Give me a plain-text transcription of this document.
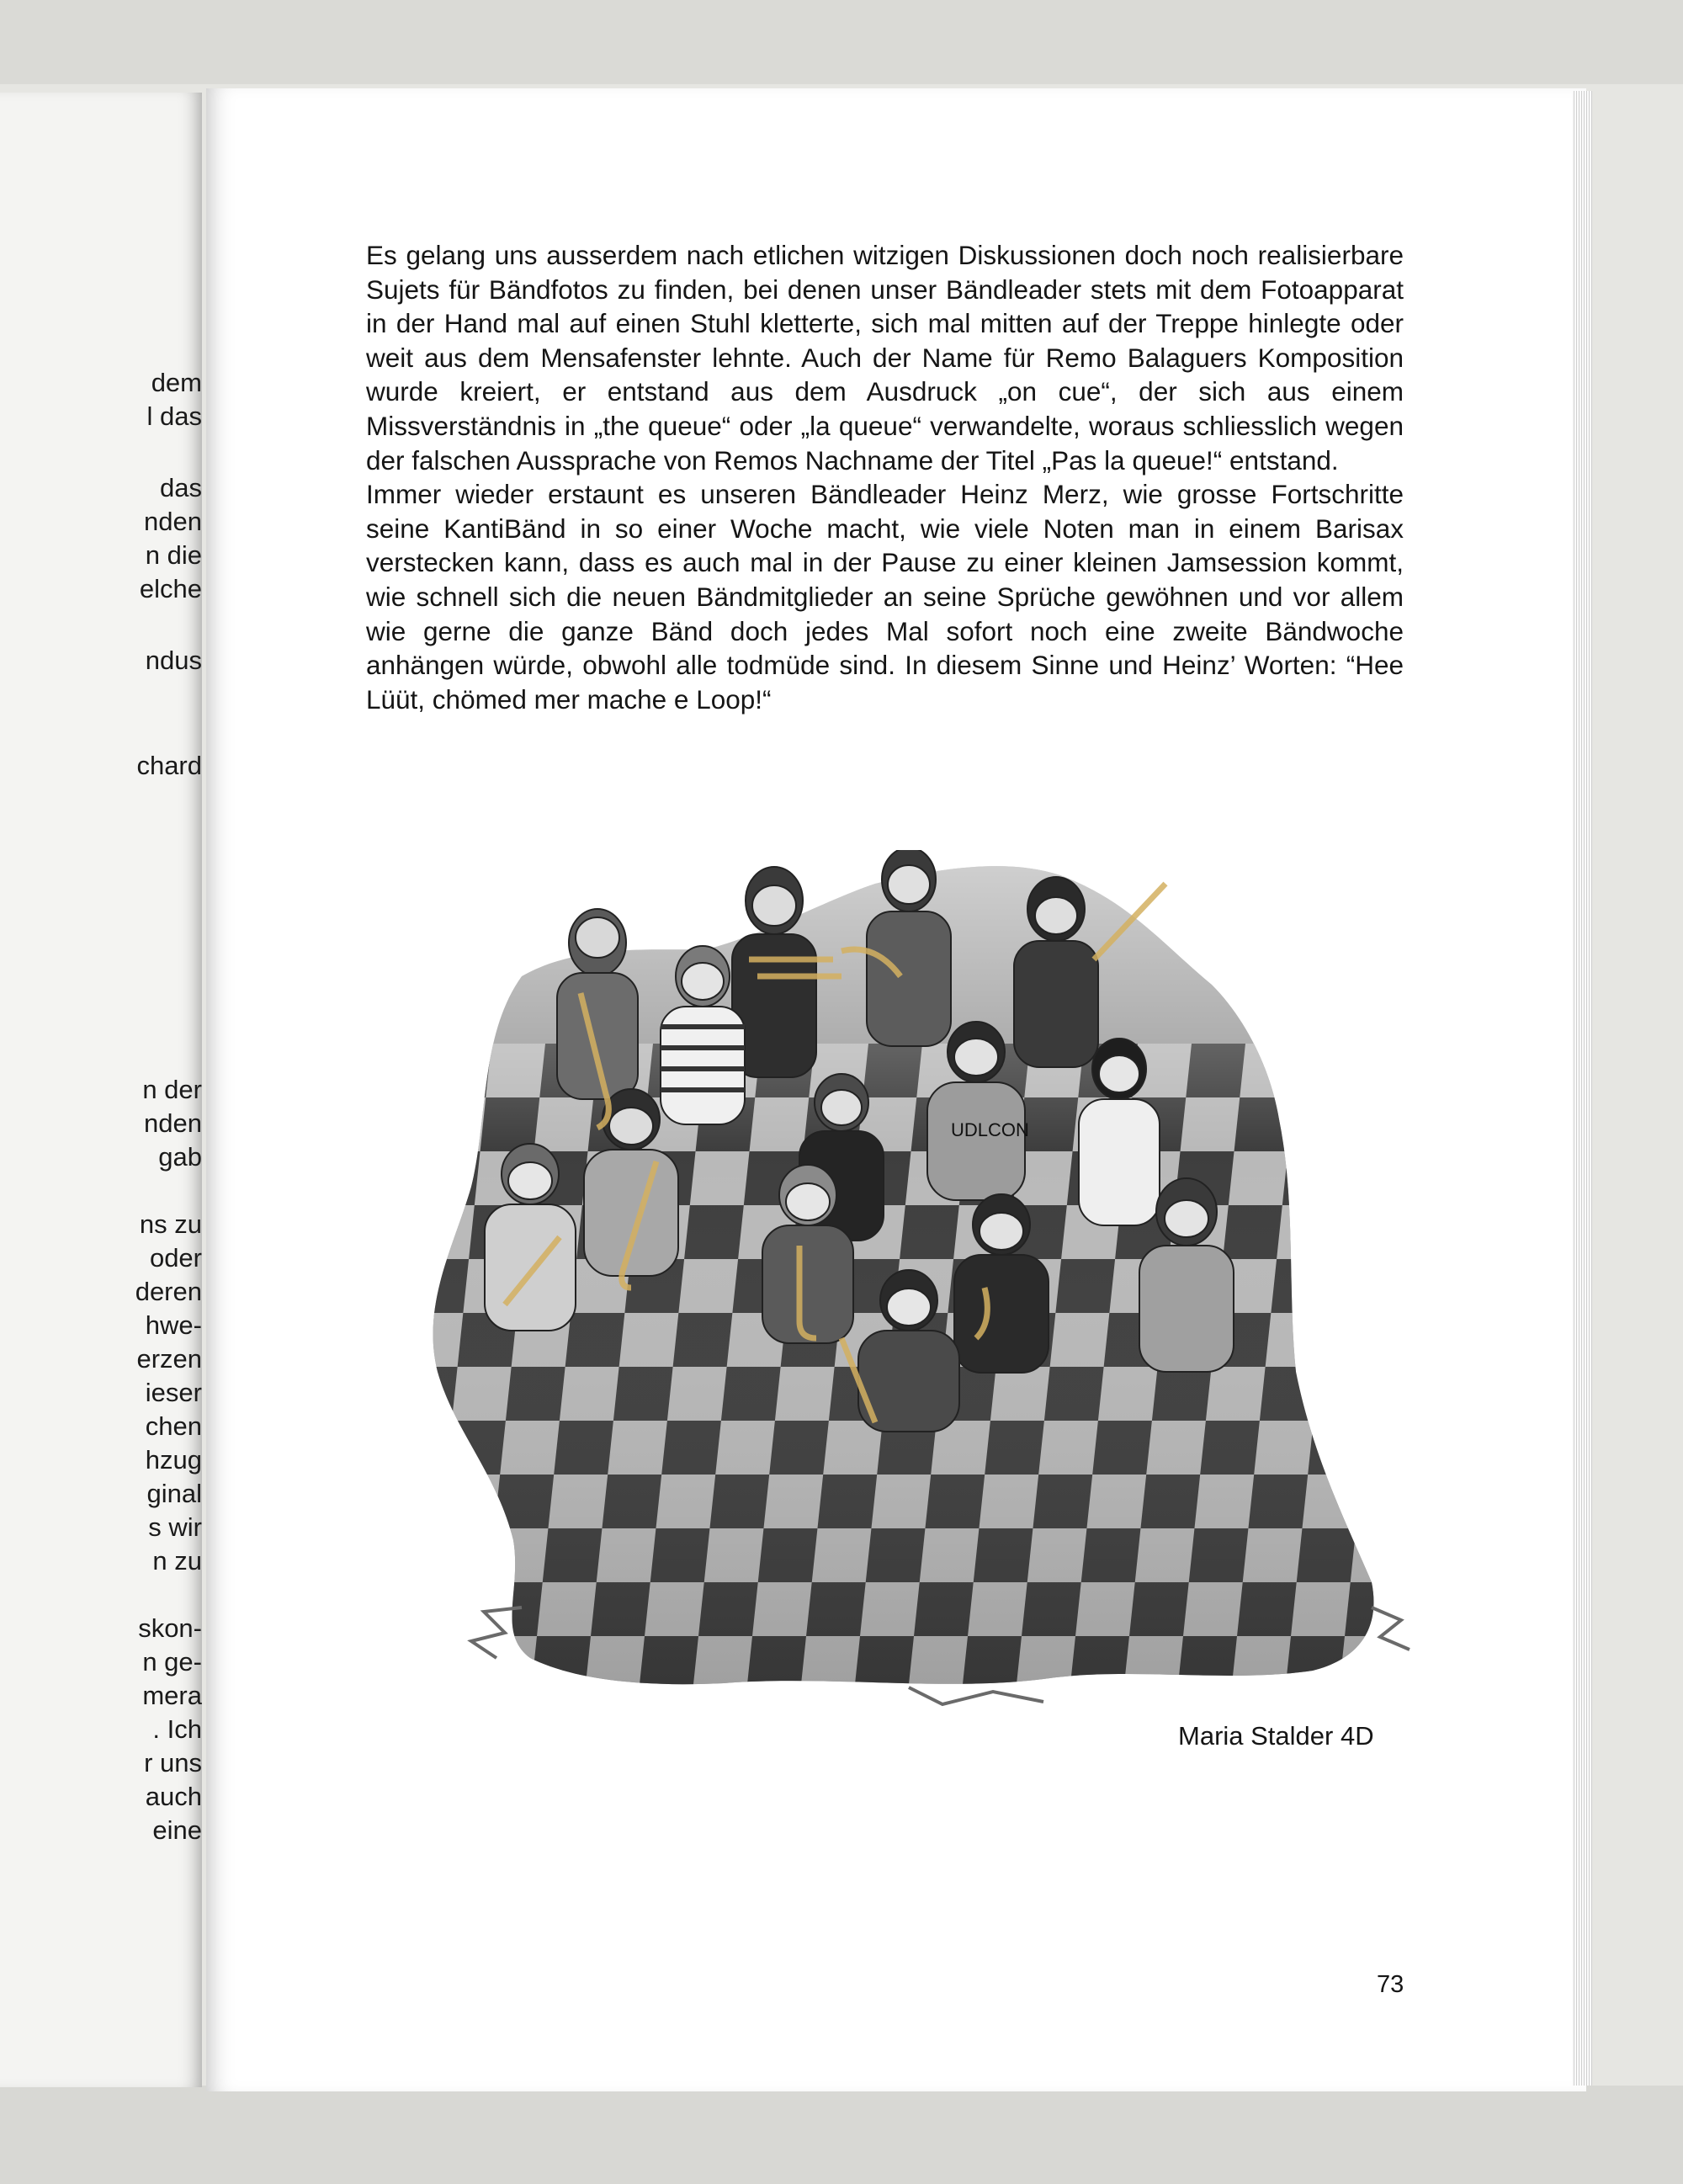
dem
l das
das
nden
n die
elche
ndus
chard
n der
nden
gab
ns zu
oder
deren
hwe-
erzen
ieser
chen
hzug
ginal
s wir
n zu
skon-
n ge-
mera
. Ich
r uns
auch
eine

Es gelang uns ausserdem nach etlichen witzigen Diskussionen doch noch realisierbare Sujets für Bändfotos zu finden, bei denen unser Bändleader stets mit dem Fotoapparat in der Hand mal auf einen Stuhl kletterte, sich mal mitten auf der Treppe hinlegte oder weit aus dem Mensafenster lehnte. Auch der Name für Remo Balaguers Komposition wurde kreiert, er entstand aus dem Ausdruck „on cue“, der sich aus einem Missverständnis in „the queue“ oder „la queue“ verwandelte, woraus schliesslich wegen der falschen Aussprache von Remos Nachname der Titel „Pas la queue!“ entstand.

Immer wieder erstaunt es unseren Bändleader Heinz Merz, wie grosse Fortschritte seine KantiBänd in so einer Woche macht, wie viele Noten man in einem Barisax verstecken kann, dass es auch mal in der Pause zu einer kleinen Jamsession kommt, wie schnell sich die neuen Bändmitglieder an seine Sprüche gewöhnen und vor allem wie gerne die ganze Bänd doch jedes Mal sofort noch eine zweite Bändwoche anhängen würde, obwohl alle todmüde sind. In diesem Sinne und Heinz’ Worten: “Hee Lüüt, chömed mer mache e Loop!“

UDLCON
Maria Stalder 4D
73
